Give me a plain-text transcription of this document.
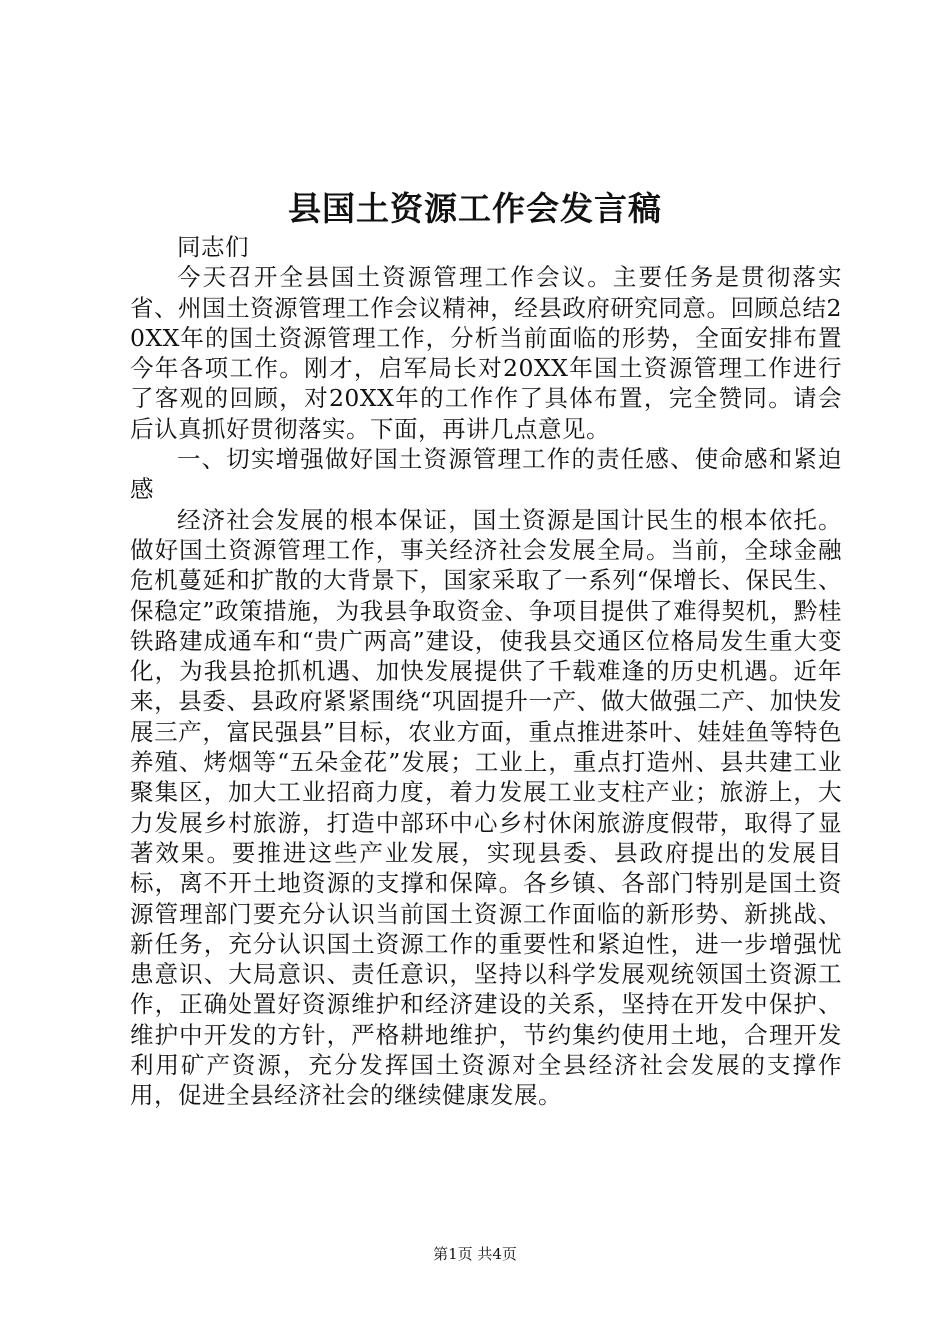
县国土资源工作会发言稿

同志们

今天召开全县国土资源管理工作会议。主要任务是贯彻落实省、州国土资源管理工作会议精神，经县政府研究同意。回顾总结20XX年的国土资源管理工作，分析当前面临的形势，全面安排布置今年各项工作。刚才，启军局长对20XX年国土资源管理工作进行了客观的回顾，对20XX年的工作作了具体布置，完全赞同。请会后认真抓好贯彻落实。下面，再讲几点意见。

一、切实增强做好国土资源管理工作的责任感、使命感和紧迫感

经济社会发展的根本保证，国土资源是国计民生的根本依托。做好国土资源管理工作，事关经济社会发展全局。当前，全球金融危机蔓延和扩散的大背景下，国家采取了一系列“保增长、保民生、保稳定”政策措施，为我县争取资金、争项目提供了难得契机，黔桂铁路建成通车和“贵广两高”建设，使我县交通区位格局发生重大变化，为我县抢抓机遇、加快发展提供了千载难逢的历史机遇。近年来，县委、县政府紧紧围绕“巩固提升一产、做大做强二产、加快发展三产，富民强县”目标，农业方面，重点推进茶叶、娃娃鱼等特色养殖、烤烟等“五朵金花”发展；工业上，重点打造州、县共建工业聚集区，加大工业招商力度，着力发展工业支柱产业；旅游上，大力发展乡村旅游，打造中部环中心乡村休闲旅游度假带，取得了显著效果。要推进这些产业发展，实现县委、县政府提出的发展目标，离不开土地资源的支撑和保障。各乡镇、各部门特别是国土资源管理部门要充分认识当前国土资源工作面临的新形势、新挑战、新任务，充分认识国土资源工作的重要性和紧迫性，进一步增强忧患意识、大局意识、责任意识，坚持以科学发展观统领国土资源工作，正确处置好资源维护和经济建设的关系，坚持在开发中保护、维护中开发的方针，严格耕地维护，节约集约使用土地，合理开发利用矿产资源，充分发挥国土资源对全县经济社会发展的支撑作用，促进全县经济社会的继续健康发展。

第1页 共4页
